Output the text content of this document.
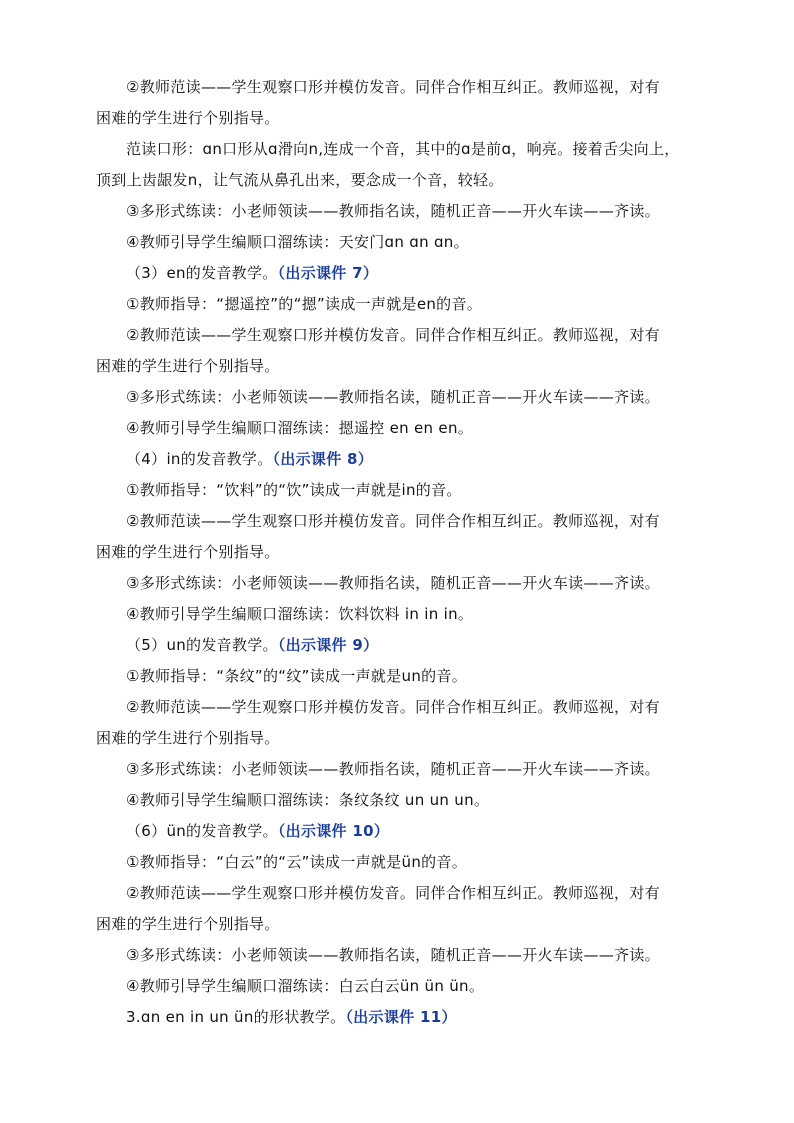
②教师范读——学生观察口形并模仿发音。同伴合作相互纠正。教师巡视，对有

困难的学生进行个别指导。

范读口形：ɑn口形从ɑ滑向n,连成一个音，其中的ɑ是前ɑ，响亮。接着舌尖向上，

顶到上齿龈发n，让气流从鼻孔出来，要念成一个音，较轻。

③多形式练读：小老师领读——教师指名读，随机正音——开火车读——齐读。

④教师引导学生编顺口溜练读：天安门ɑn ɑn ɑn。

（3）en的发音教学。（出示课件 7）

①教师指导：“摁遥控”的“摁”读成一声就是en的音。

②教师范读——学生观察口形并模仿发音。同伴合作相互纠正。教师巡视，对有

困难的学生进行个别指导。

③多形式练读：小老师领读——教师指名读，随机正音——开火车读——齐读。

④教师引导学生编顺口溜练读：摁遥控 en en en。

（4）in的发音教学。（出示课件 8）

①教师指导：“饮料”的“饮”读成一声就是in的音。

②教师范读——学生观察口形并模仿发音。同伴合作相互纠正。教师巡视，对有

困难的学生进行个别指导。

③多形式练读：小老师领读——教师指名读，随机正音——开火车读——齐读。

④教师引导学生编顺口溜练读：饮料饮料 in in in。

（5）un的发音教学。（出示课件 9）

①教师指导：“条纹”的“纹”读成一声就是un的音。

②教师范读——学生观察口形并模仿发音。同伴合作相互纠正。教师巡视，对有

困难的学生进行个别指导。

③多形式练读：小老师领读——教师指名读，随机正音——开火车读——齐读。

④教师引导学生编顺口溜练读：条纹条纹 un un un。

（6）ün的发音教学。（出示课件 10）

①教师指导：“白云”的“云”读成一声就是ün的音。

②教师范读——学生观察口形并模仿发音。同伴合作相互纠正。教师巡视，对有

困难的学生进行个别指导。

③多形式练读：小老师领读——教师指名读，随机正音——开火车读——齐读。

④教师引导学生编顺口溜练读：白云白云ün ün ün。

3.ɑn en in un ün的形状教学。（出示课件 11）
